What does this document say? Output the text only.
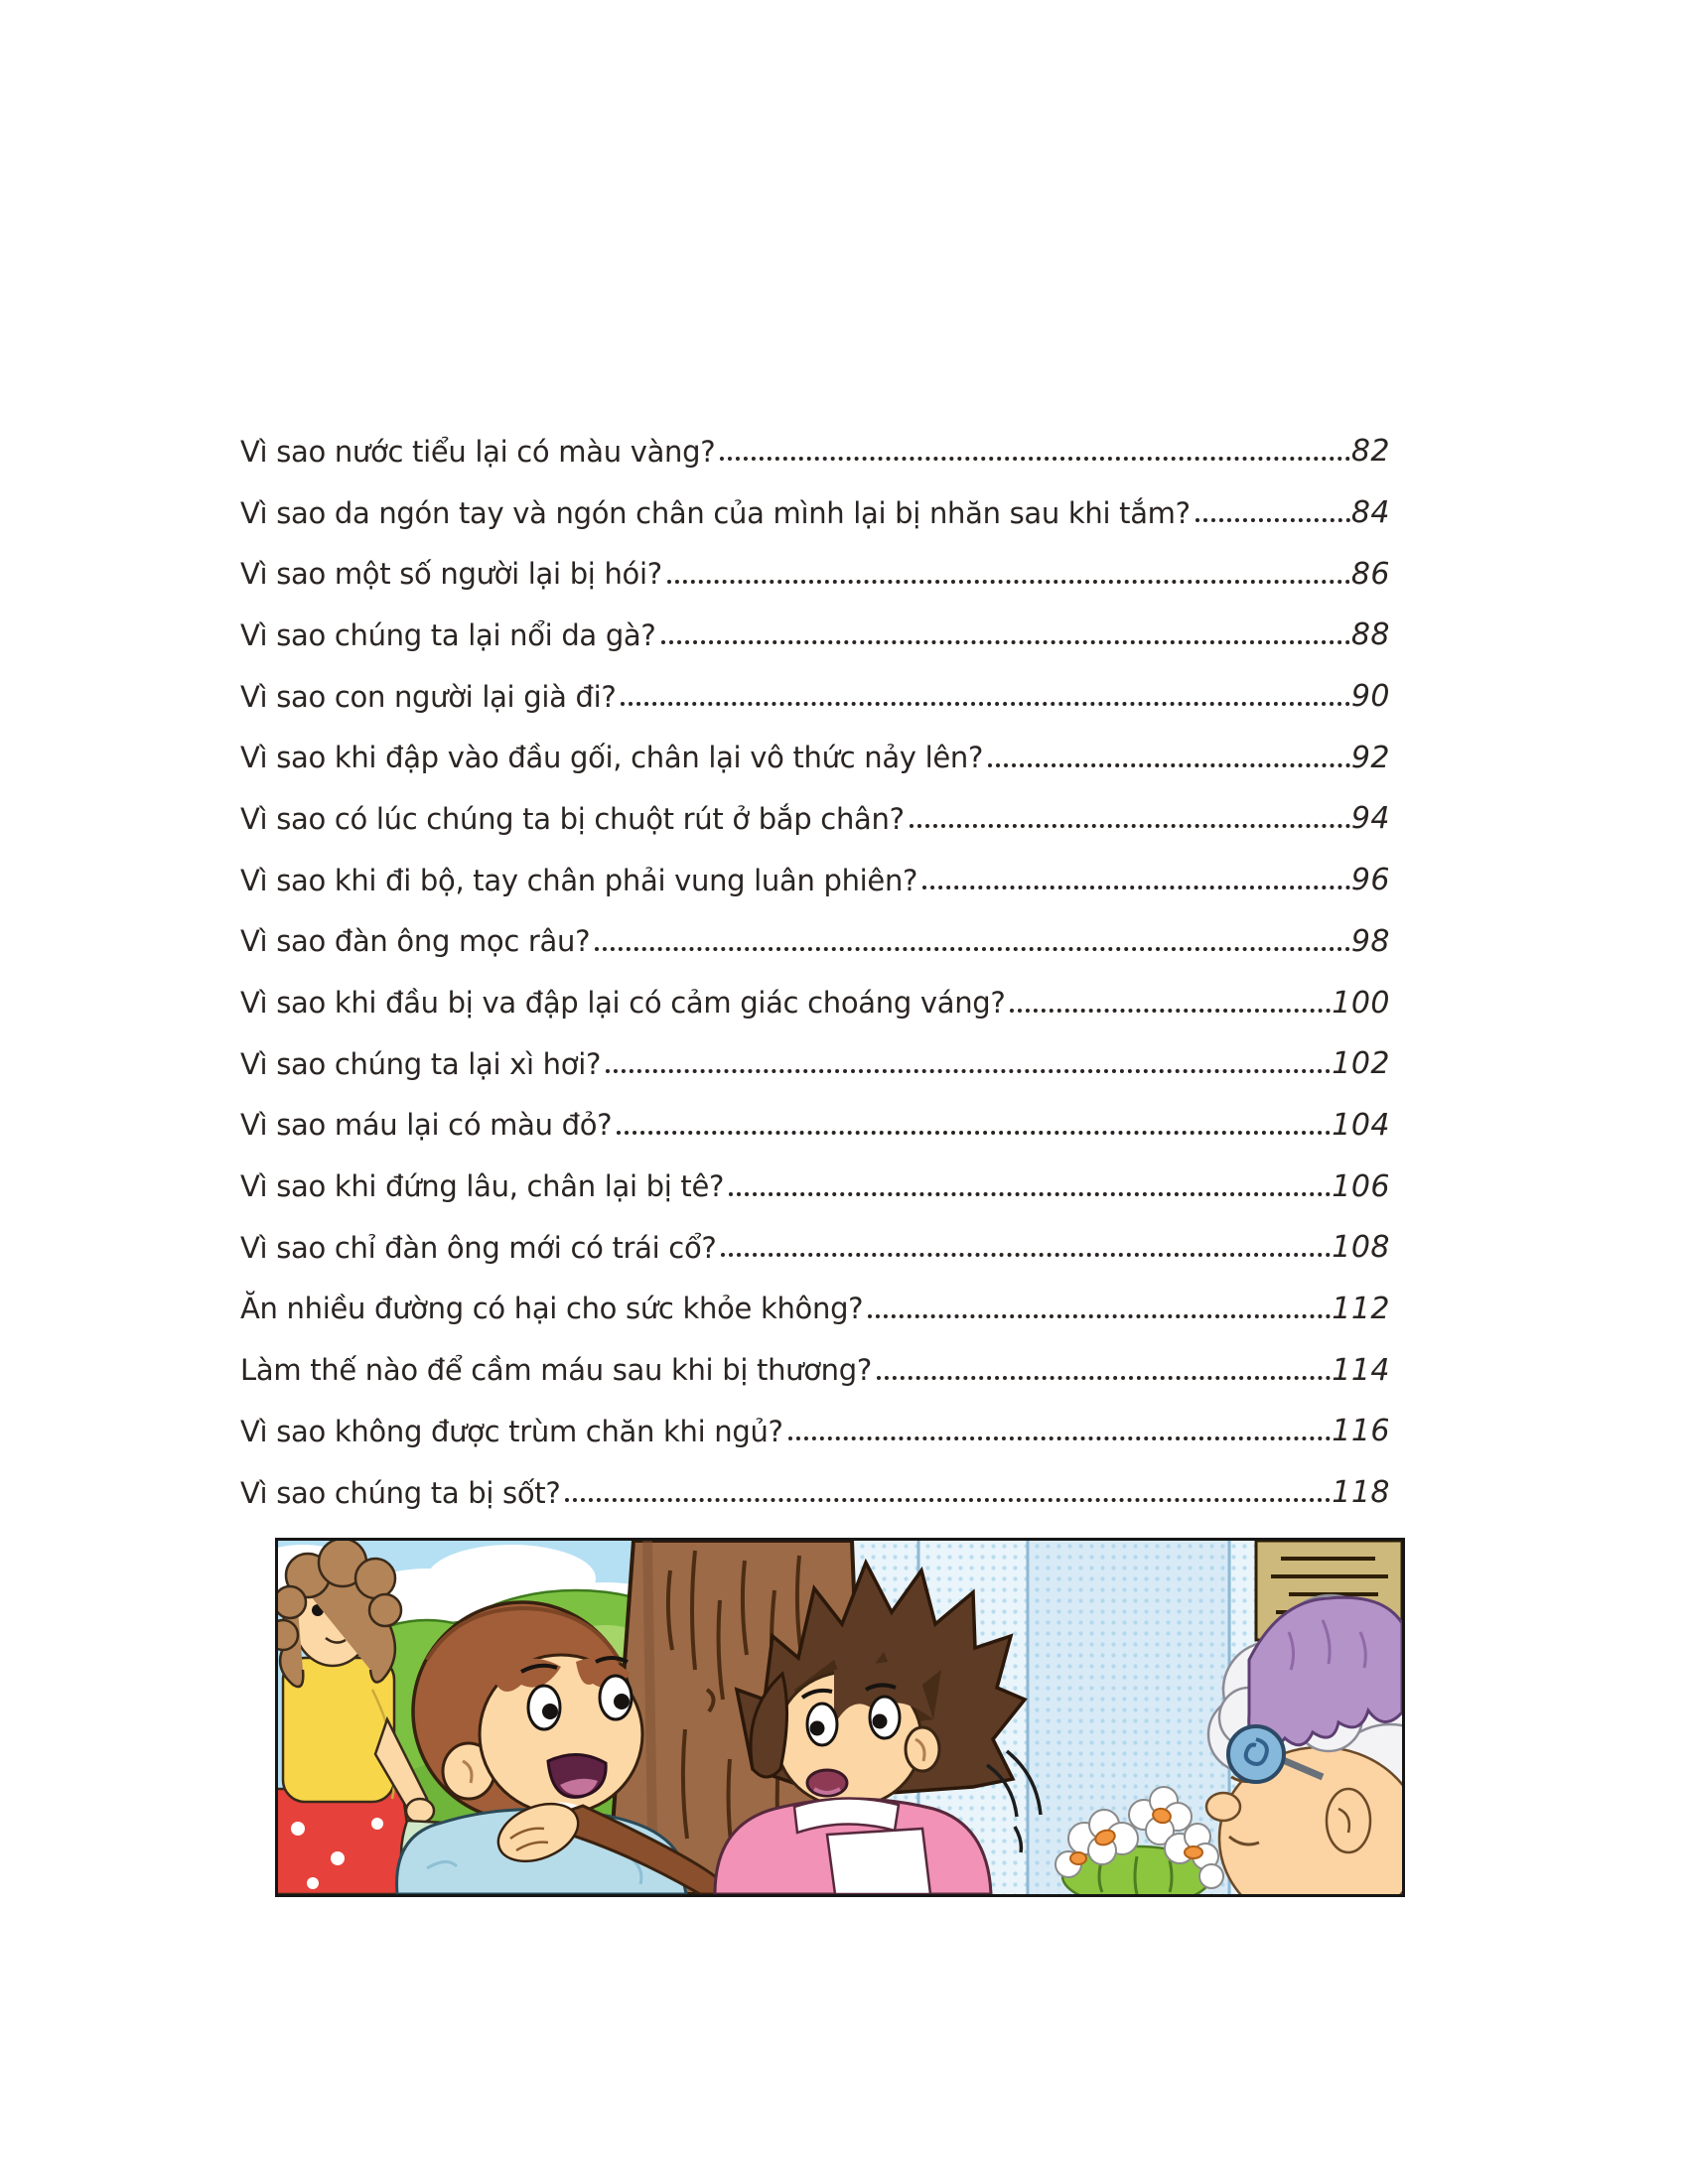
Vì sao nước tiểu lại có màu vàng?	82
Vì sao da ngón tay và ngón chân của mình lại bị nhăn sau khi tắm?	84
Vì sao một số người lại bị hói?	86
Vì sao chúng ta lại nổi da gà?	88
Vì sao con người lại già đi?	90
Vì sao khi đập vào đầu gối, chân lại vô thức nảy lên?	92
Vì sao có lúc chúng ta bị chuột rút ở bắp chân?	94
Vì sao khi đi bộ, tay chân phải vung luân phiên?	96
Vì sao đàn ông mọc râu?	98
Vì sao khi đầu bị va đập lại có cảm giác choáng váng?	100
Vì sao chúng ta lại xì hơi?	102
Vì sao máu lại có màu đỏ?	104
Vì sao khi đứng lâu, chân lại bị tê?	106
Vì sao chỉ đàn ông mới có trái cổ?	108
Ăn nhiều đường có hại cho sức khỏe không?	112
Làm thế nào để cầm máu sau khi bị thương?	114
Vì sao không được trùm chăn khi ngủ?	116
Vì sao chúng ta bị sốt?	118
